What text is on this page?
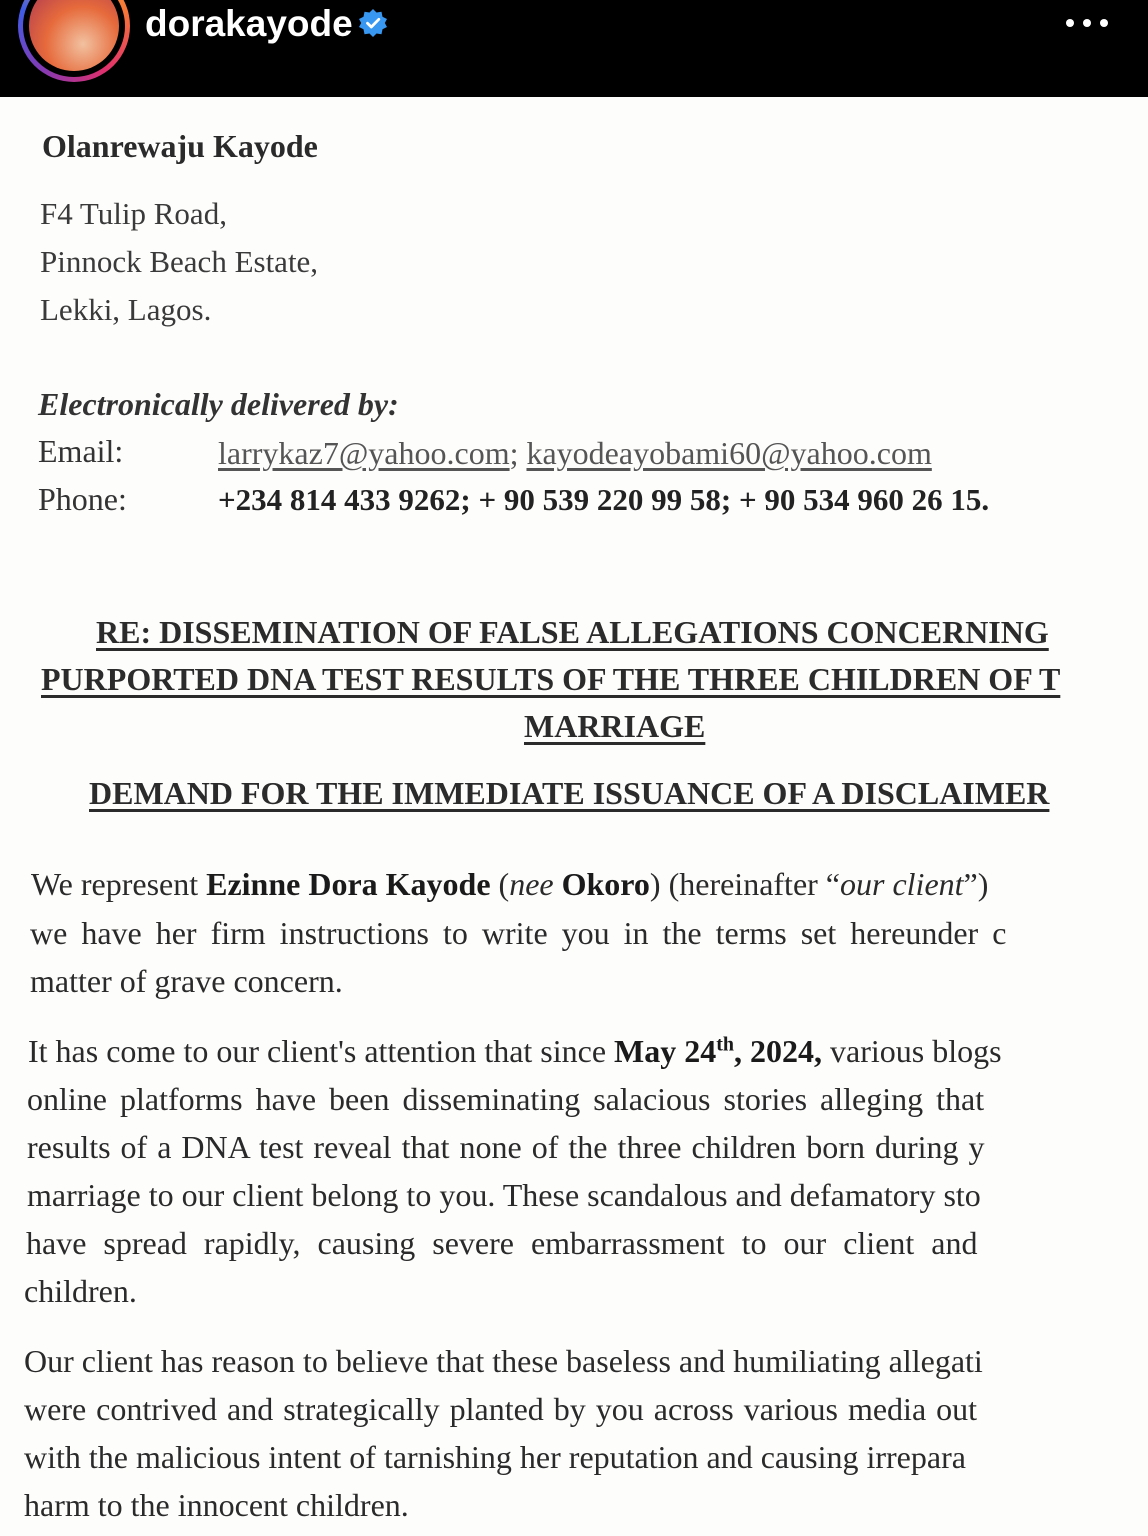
dorakayode
Olanrewaju Kayode
F4 Tulip Road,
Pinnock Beach Estate,
Lekki, Lagos.
Electronically delivered by:
Email:	larrykaz7@yahoo.com; kayodeayobami60@yahoo.com
Phone:	+234 814 433 9262; + 90 539 220 99 58; + 90 534 960 26 15.
RE: DISSEMINATION OF FALSE ALLEGATIONS CONCERNING
PURPORTED DNA TEST RESULTS OF THE THREE CHILDREN OF T
MARRIAGE
DEMAND FOR THE IMMEDIATE ISSUANCE OF A DISCLAIMER
We represent Ezinne Dora Kayode (nee Okoro) (hereinafter “our client”)
we have her firm instructions to write you in the terms set hereunder c
matter of grave concern.
It has come to our client's attention that since May 24th, 2024, various blogs
online platforms have been disseminating salacious stories alleging that
results of a DNA test reveal that none of the three children born during y
marriage to our client belong to you. These scandalous and defamatory sto
have spread rapidly, causing severe embarrassment to our client and
children.
Our client has reason to believe that these baseless and humiliating allegati
were contrived and strategically planted by you across various media out
with the malicious intent of tarnishing her reputation and causing irrepara
harm to the innocent children.
